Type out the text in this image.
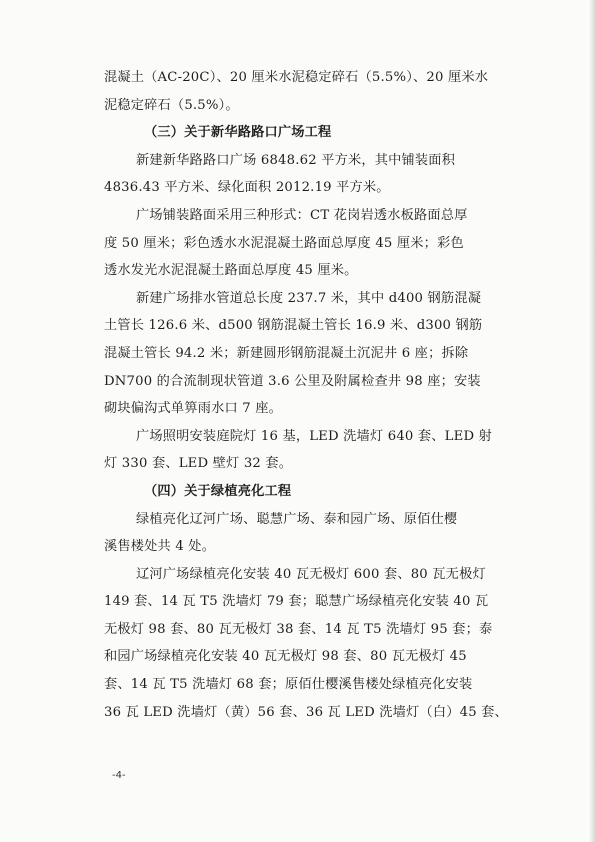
混凝土（AC-20C）、20 厘米水泥稳定碎石（5.5%）、20 厘米水
泥稳定碎石（5.5%）。
（三）关于新华路路口广场工程
新建新华路路口广场 6848.62 平方米，其中铺装面积
4836.43 平方米、绿化面积 2012.19 平方米。
广场铺装路面采用三种形式：CT 花岗岩透水板路面总厚
度 50 厘米；彩色透水水泥混凝土路面总厚度 45 厘米；彩色
透水发光水泥混凝土路面总厚度 45 厘米。
新建广场排水管道总长度 237.7 米，其中 d400 钢筋混凝
土管长 126.6 米、d500 钢筋混凝土管长 16.9 米、d300 钢筋
混凝土管长 94.2 米；新建圆形钢筋混凝土沉泥井 6 座；拆除
DN700 的合流制现状管道 3.6 公里及附属检查井 98 座；安装
砌块偏沟式单箅雨水口 7 座。
广场照明安装庭院灯 16 基，LED 洗墙灯 640 套、LED 射
灯 330 套、LED 壁灯 32 套。
（四）关于绿植亮化工程
绿植亮化辽河广场、聪慧广场、泰和园广场、原佰仕樱
溪售楼处共 4 处。
辽河广场绿植亮化安装 40 瓦无极灯 600 套、80 瓦无极灯
149 套、14 瓦 T5 洗墙灯 79 套；聪慧广场绿植亮化安装 40 瓦
无极灯 98 套、80 瓦无极灯 38 套、14 瓦 T5 洗墙灯 95 套；泰
和园广场绿植亮化安装 40 瓦无极灯 98 套、80 瓦无极灯 45
套、14 瓦 T5 洗墙灯 68 套；原佰仕樱溪售楼处绿植亮化安装
36 瓦 LED 洗墙灯（黄）56 套、36 瓦 LED 洗墙灯（白）45 套、
-4-
